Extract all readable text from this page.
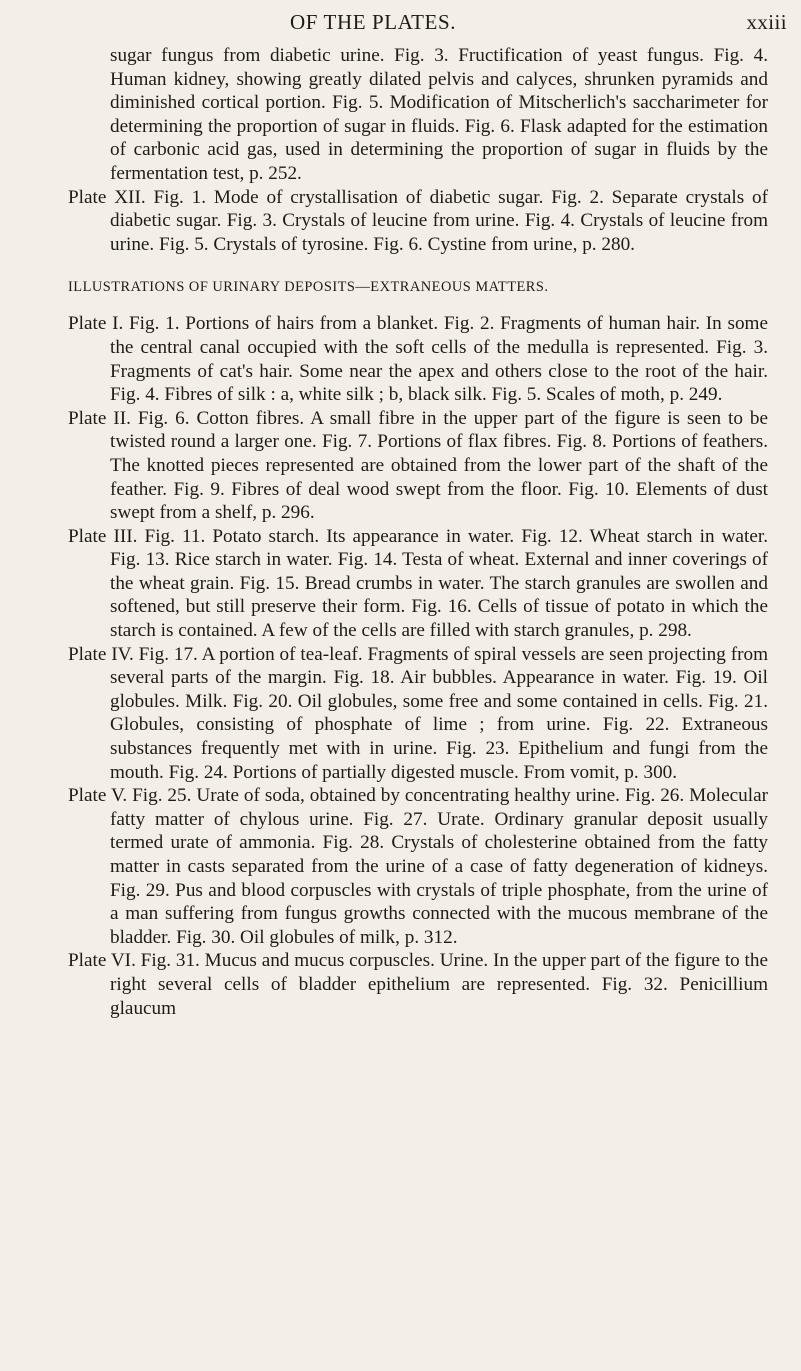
OF THE PLATES.	xxiii

sugar fungus from diabetic urine. Fig. 3. Fructification of yeast fungus. Fig. 4. Human kidney, showing greatly dilated pelvis and calyces, shrunken pyramids and diminished cortical portion. Fig. 5. Modification of Mitscherlich's saccharimeter for determining the proportion of sugar in fluids. Fig. 6. Flask adapted for the estimation of carbonic acid gas, used in determining the proportion of sugar in fluids by the fermentation test, p. 252.

Plate XII. Fig. 1. Mode of crystallisation of diabetic sugar. Fig. 2. Separate crystals of diabetic sugar. Fig. 3. Crystals of leucine from urine. Fig. 4. Crystals of leucine from urine. Fig. 5. Crystals of tyrosine. Fig. 6. Cystine from urine, p. 280.

ILLUSTRATIONS OF URINARY DEPOSITS—EXTRANEOUS MATTERS.

Plate I. Fig. 1. Portions of hairs from a blanket. Fig. 2. Fragments of human hair. In some the central canal occupied with the soft cells of the medulla is represented. Fig. 3. Fragments of cat's hair. Some near the apex and others close to the root of the hair. Fig. 4. Fibres of silk : a, white silk ; b, black silk. Fig. 5. Scales of moth, p. 249.

Plate II. Fig. 6. Cotton fibres. A small fibre in the upper part of the figure is seen to be twisted round a larger one. Fig. 7. Portions of flax fibres. Fig. 8. Portions of feathers. The knotted pieces represented are obtained from the lower part of the shaft of the feather. Fig. 9. Fibres of deal wood swept from the floor. Fig. 10. Elements of dust swept from a shelf, p. 296.

Plate III. Fig. 11. Potato starch. Its appearance in water. Fig. 12. Wheat starch in water. Fig. 13. Rice starch in water. Fig. 14. Testa of wheat. External and inner coverings of the wheat grain. Fig. 15. Bread crumbs in water. The starch granules are swollen and softened, but still preserve their form. Fig. 16. Cells of tissue of potato in which the starch is contained. A few of the cells are filled with starch granules, p. 298.

Plate IV. Fig. 17. A portion of tea-leaf. Fragments of spiral vessels are seen projecting from several parts of the margin. Fig. 18. Air bubbles. Appearance in water. Fig. 19. Oil globules. Milk. Fig. 20. Oil globules, some free and some contained in cells. Fig. 21. Globules, consisting of phosphate of lime ; from urine. Fig. 22. Extraneous substances frequently met with in urine. Fig. 23. Epithelium and fungi from the mouth. Fig. 24. Portions of partially digested muscle. From vomit, p. 300.

Plate V. Fig. 25. Urate of soda, obtained by concentrating healthy urine. Fig. 26. Molecular fatty matter of chylous urine. Fig. 27. Urate. Ordinary granular deposit usually termed urate of ammonia. Fig. 28. Crystals of cholesterine obtained from the fatty matter in casts separated from the urine of a case of fatty degeneration of kidneys. Fig. 29. Pus and blood corpuscles with crystals of triple phosphate, from the urine of a man suffering from fungus growths connected with the mucous membrane of the bladder. Fig. 30. Oil globules of milk, p. 312.

Plate VI. Fig. 31. Mucus and mucus corpuscles. Urine. In the upper part of the figure to the right several cells of bladder epithelium are represented. Fig. 32. Penicillium glaucum
